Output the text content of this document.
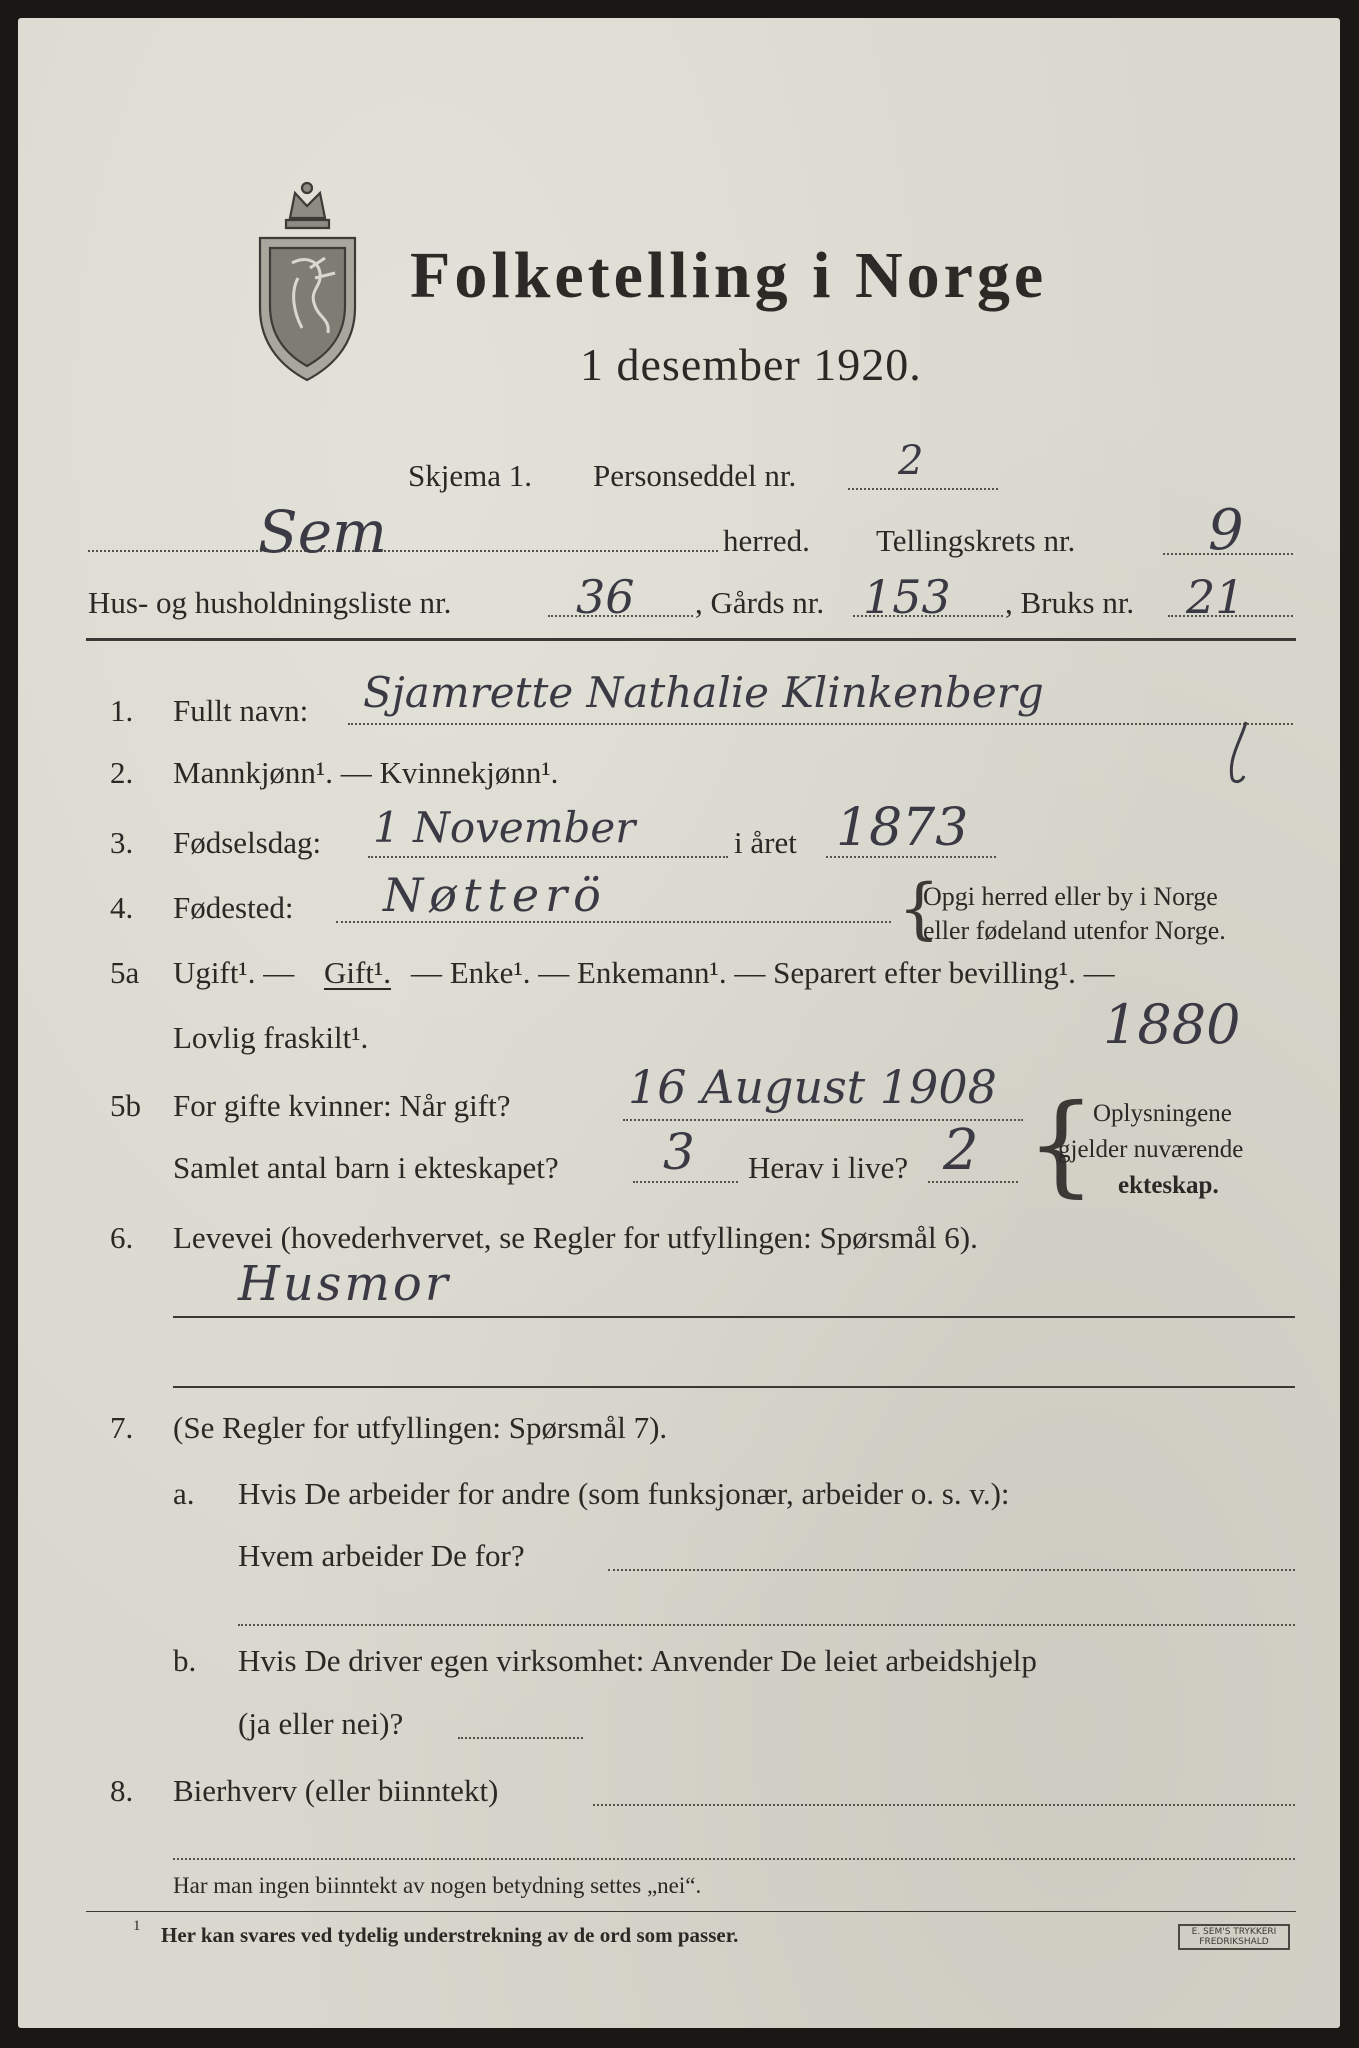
Folketelling i Norge
1 desember 1920.
Skjema 1. Personseddel nr.	2
Sem	herred. Tellingskrets nr. 9
Hus- og husholdningsliste nr.	36 , Gårds nr. 153 , Bruks nr. 21
1. Fullt navn: Sjamrette Nathalie Klinkenberg
2. Mannkjønn¹. — Kvinnekjønn¹.
3. Fødselsdag: 1 November	i året 1873
4. Fødested: Nøtterö	{
Opgi herred eller by i Norge
eller fødeland utenfor Norge.
5a Ugift¹. — Gift¹. — Enke¹. — Enkemann¹. — Separert efter bevilling¹. —
Lovlig fraskilt¹.	1880
5b For gifte kvinner: Når gift?	16 August 1908
Samlet antal barn i ekteskapet? 3 Herav i live? 2 {
Oplysningene
gjelder nuværende
ekteskap.
6. Levevei (hovederhvervet, se Regler for utfyllingen: Spørsmål 6).
Husmor
7. (Se Regler for utfyllingen: Spørsmål 7).
a. Hvis De arbeider for andre (som funksjonær, arbeider o. s. v.):
Hvem arbeider De for?
b. Hvis De driver egen virksomhet: Anvender De leiet arbeidshjelp
(ja eller nei)?
8. Bierhverv (eller biinntekt)
Har man ingen biinntekt av nogen betydning settes „nei“.
1 Her kan svares ved tydelig understrekning av de ord som passer.	E. SEM'S TRYKKERI FREDRIKSHALD
